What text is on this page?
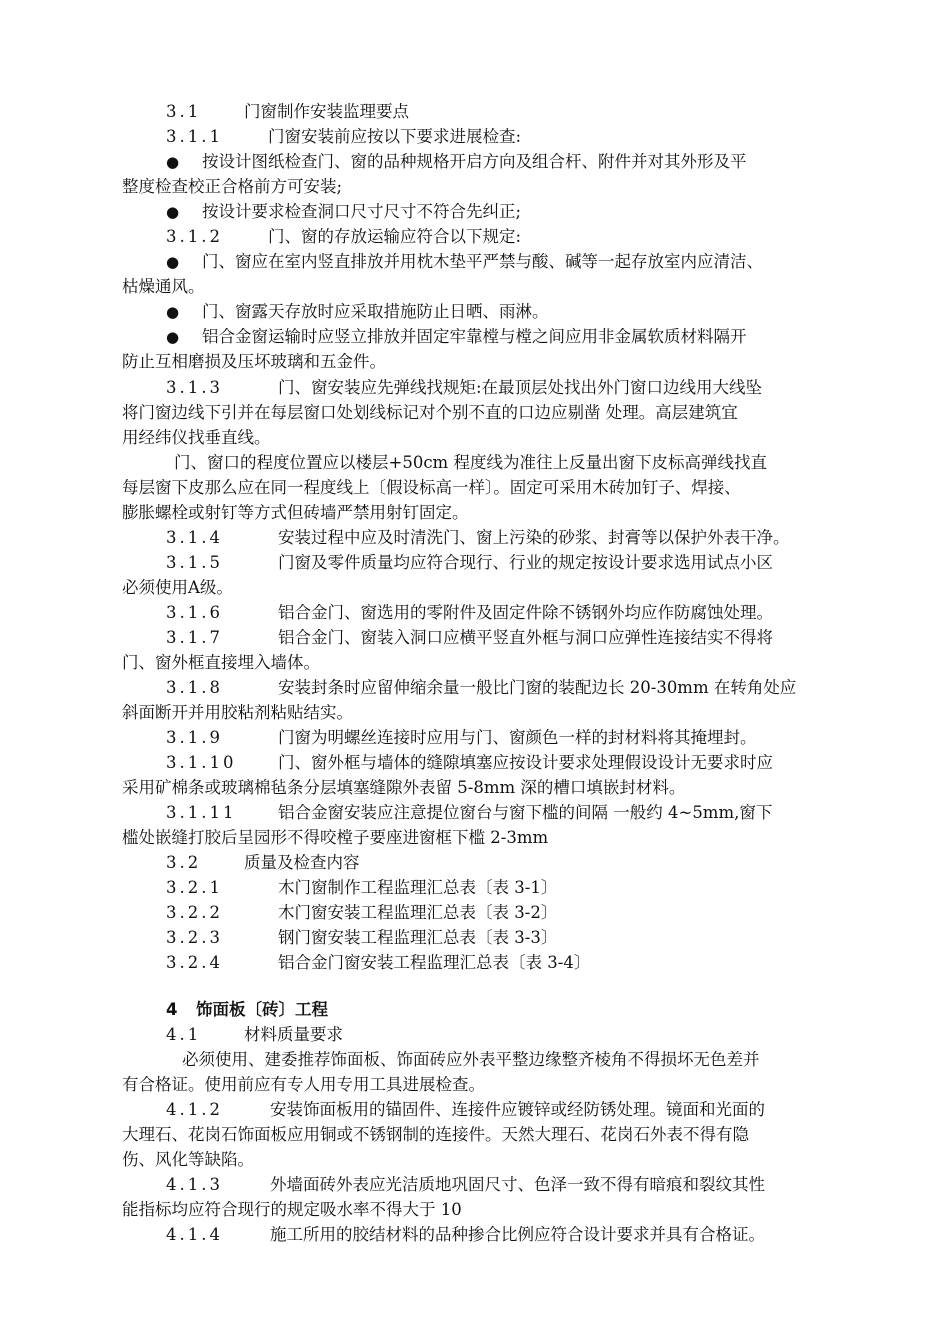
3.1	门窗制作安装监理要点
3.1.1	门窗安装前应按以下要求进展检查:
● 按设计图纸检查门、窗的品种规格开启方向及组合杆、附件并对其外形及平
整度检查校正合格前方可安装;
● 按设计要求检查洞口尺寸尺寸不符合先纠正;
3.1.2	门、窗的存放运输应符合以下规定:
● 门、窗应在室内竖直排放并用枕木垫平严禁与酸、碱等一起存放室内应清洁、
枯燥通风。
● 门、窗露天存放时应采取措施防止日晒、雨淋。
● 铝合金窗运输时应竖立排放并固定牢靠樘与樘之间应用非金属软质材料隔开
防止互相磨损及压坏玻璃和五金件。
3.1.3	门、窗安装应先弹线找规矩:在最顶层处找出外门窗口边线用大线坠
将门窗边线下引并在每层窗口处划线标记对个别不直的口边应剔凿 处理。高层建筑宜
用经纬仪找垂直线。
门、窗口的程度位置应以楼层+50cm 程度线为准往上反量出窗下皮标高弹线找直
每层窗下皮那么应在同一程度线上〔假设标高一样〕。固定可采用木砖加钉子、焊接、
膨胀螺栓或射钉等方式但砖墙严禁用射钉固定。
3.1.4	安装过程中应及时清洗门、窗上污染的砂浆、封膏等以保护外表干净。
3.1.5	门窗及零件质量均应符合现行、行业的规定按设计要求选用试点小区
必须使用A级。
3.1.6	铝合金门、窗选用的零附件及固定件除不锈钢外均应作防腐蚀处理。
3.1.7	铝合金门、窗装入洞口应横平竖直外框与洞口应弹性连接结实不得将
门、窗外框直接埋入墙体。
3.1.8	安装封条时应留伸缩余量一般比门窗的装配边长 20-30mm 在转角处应
斜面断开并用胶粘剂粘贴结实。
3.1.9	门窗为明螺丝连接时应用与门、窗颜色一样的封材料将其掩埋封。
3.1.10	门、窗外框与墙体的缝隙填塞应按设计要求处理假设设计无要求时应
采用矿棉条或玻璃棉毡条分层填塞缝隙外表留 5-8mm 深的槽口填嵌封材料。
3.1.11	铝合金窗安装应注意提位窗台与窗下槛的间隔 一般约 4~5mm,窗下
槛处嵌缝打胶后呈园形不得咬樘子要座进窗框下槛 2-3mm
3.2	质量及检查内容
3.2.1	木门窗制作工程监理汇总表〔表 3-1〕
3.2.2	木门窗安装工程监理汇总表〔表 3-2〕
3.2.3	钢门窗安装工程监理汇总表〔表 3-3〕
3.2.4	铝合金门窗安装工程监理汇总表〔表 3-4〕
4 饰面板〔砖〕工程
4.1	材料质量要求
必须使用、建委推荐饰面板、饰面砖应外表平整边缘整齐棱角不得损坏无色差并
有合格证。使用前应有专人用专用工具进展检查。
4.1.2	安装饰面板用的锚固件、连接件应镀锌或经防锈处理。镜面和光面的
大理石、花岗石饰面板应用铜或不锈钢制的连接件。天然大理石、花岗石外表不得有隐
伤、风化等缺陷。
4.1.3	外墙面砖外表应光洁质地巩固尺寸、色泽一致不得有暗痕和裂纹其性
能指标均应符合现行的规定吸水率不得大于 10
4.1.4	施工所用的胶结材料的品种掺合比例应符合设计要求并具有合格证。
